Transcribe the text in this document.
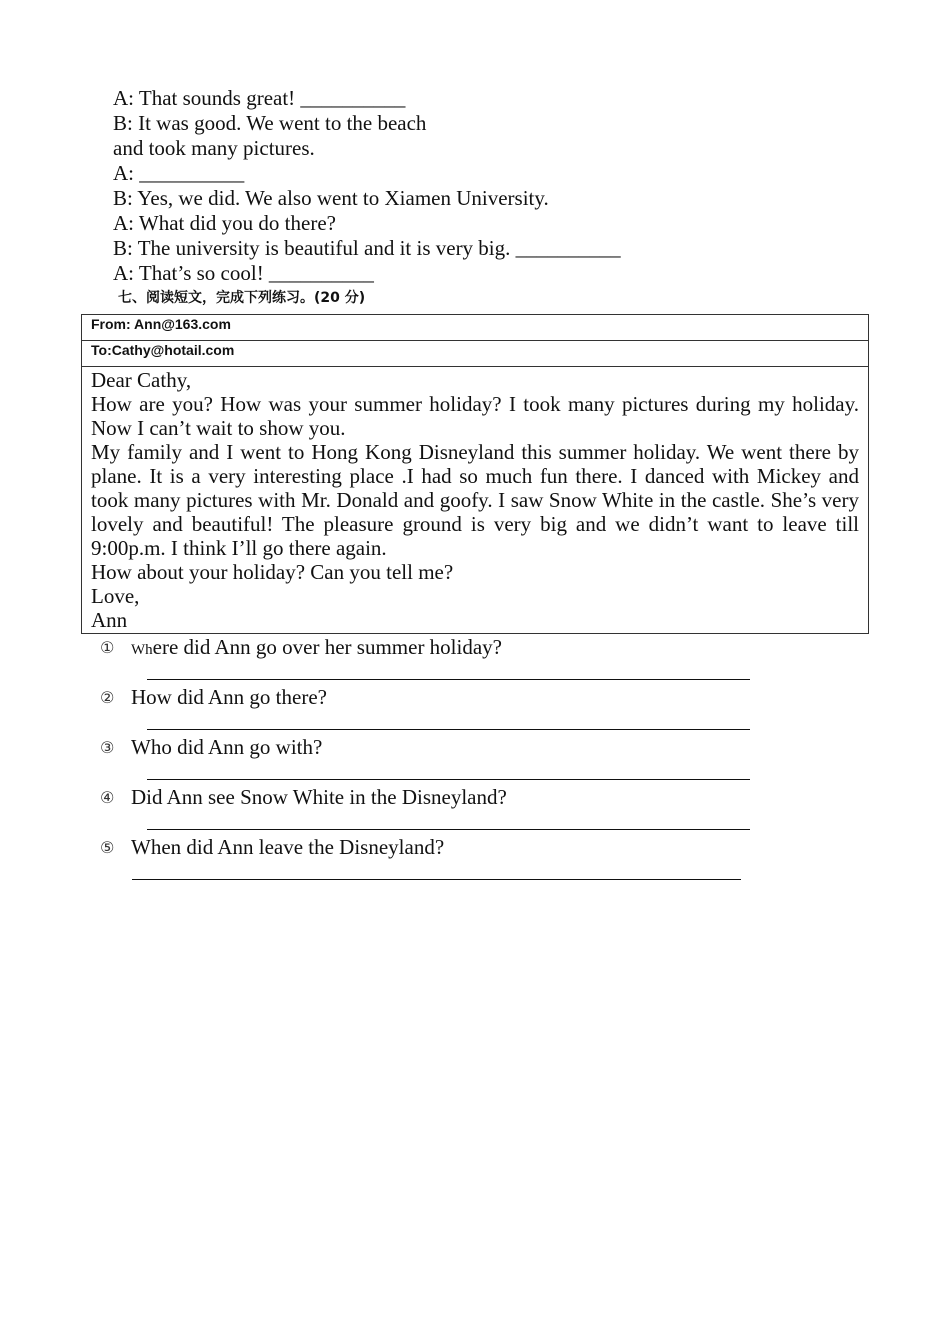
A: That sounds great! __________
B: It was good. We went to the beach
and took many pictures.
A: __________
B: Yes, we did. We also went to Xiamen University.
A: What did you do there?
B: The university is beautiful and it is very big. __________
A: That’s so cool! __________
七、阅读短文，完成下列练习。(20 分)
From: Ann@163.com
To:Cathy@hotail.com

Dear Cathy,

How are you? How was your summer holiday? I took many pictures during my holiday. Now I can’t wait to show you.

My family and I went to Hong Kong Disneyland this summer holiday. We went there by plane. It is a very interesting place .I had so much fun there. I danced with Mickey and took many pictures with Mr. Donald and goofy. I saw Snow White in the castle. She’s very lovely and beautiful! The pleasure ground is very big and we didn’t want to leave till 9:00p.m. I think I’ll go there again.

How about your holiday? Can you tell me?

Love,

Ann

① Where did Ann go over her summer holiday?
② How did Ann go there?
③ Who did Ann go with?
④ Did Ann see Snow White in the Disneyland?
⑤ When did Ann leave the Disneyland?
